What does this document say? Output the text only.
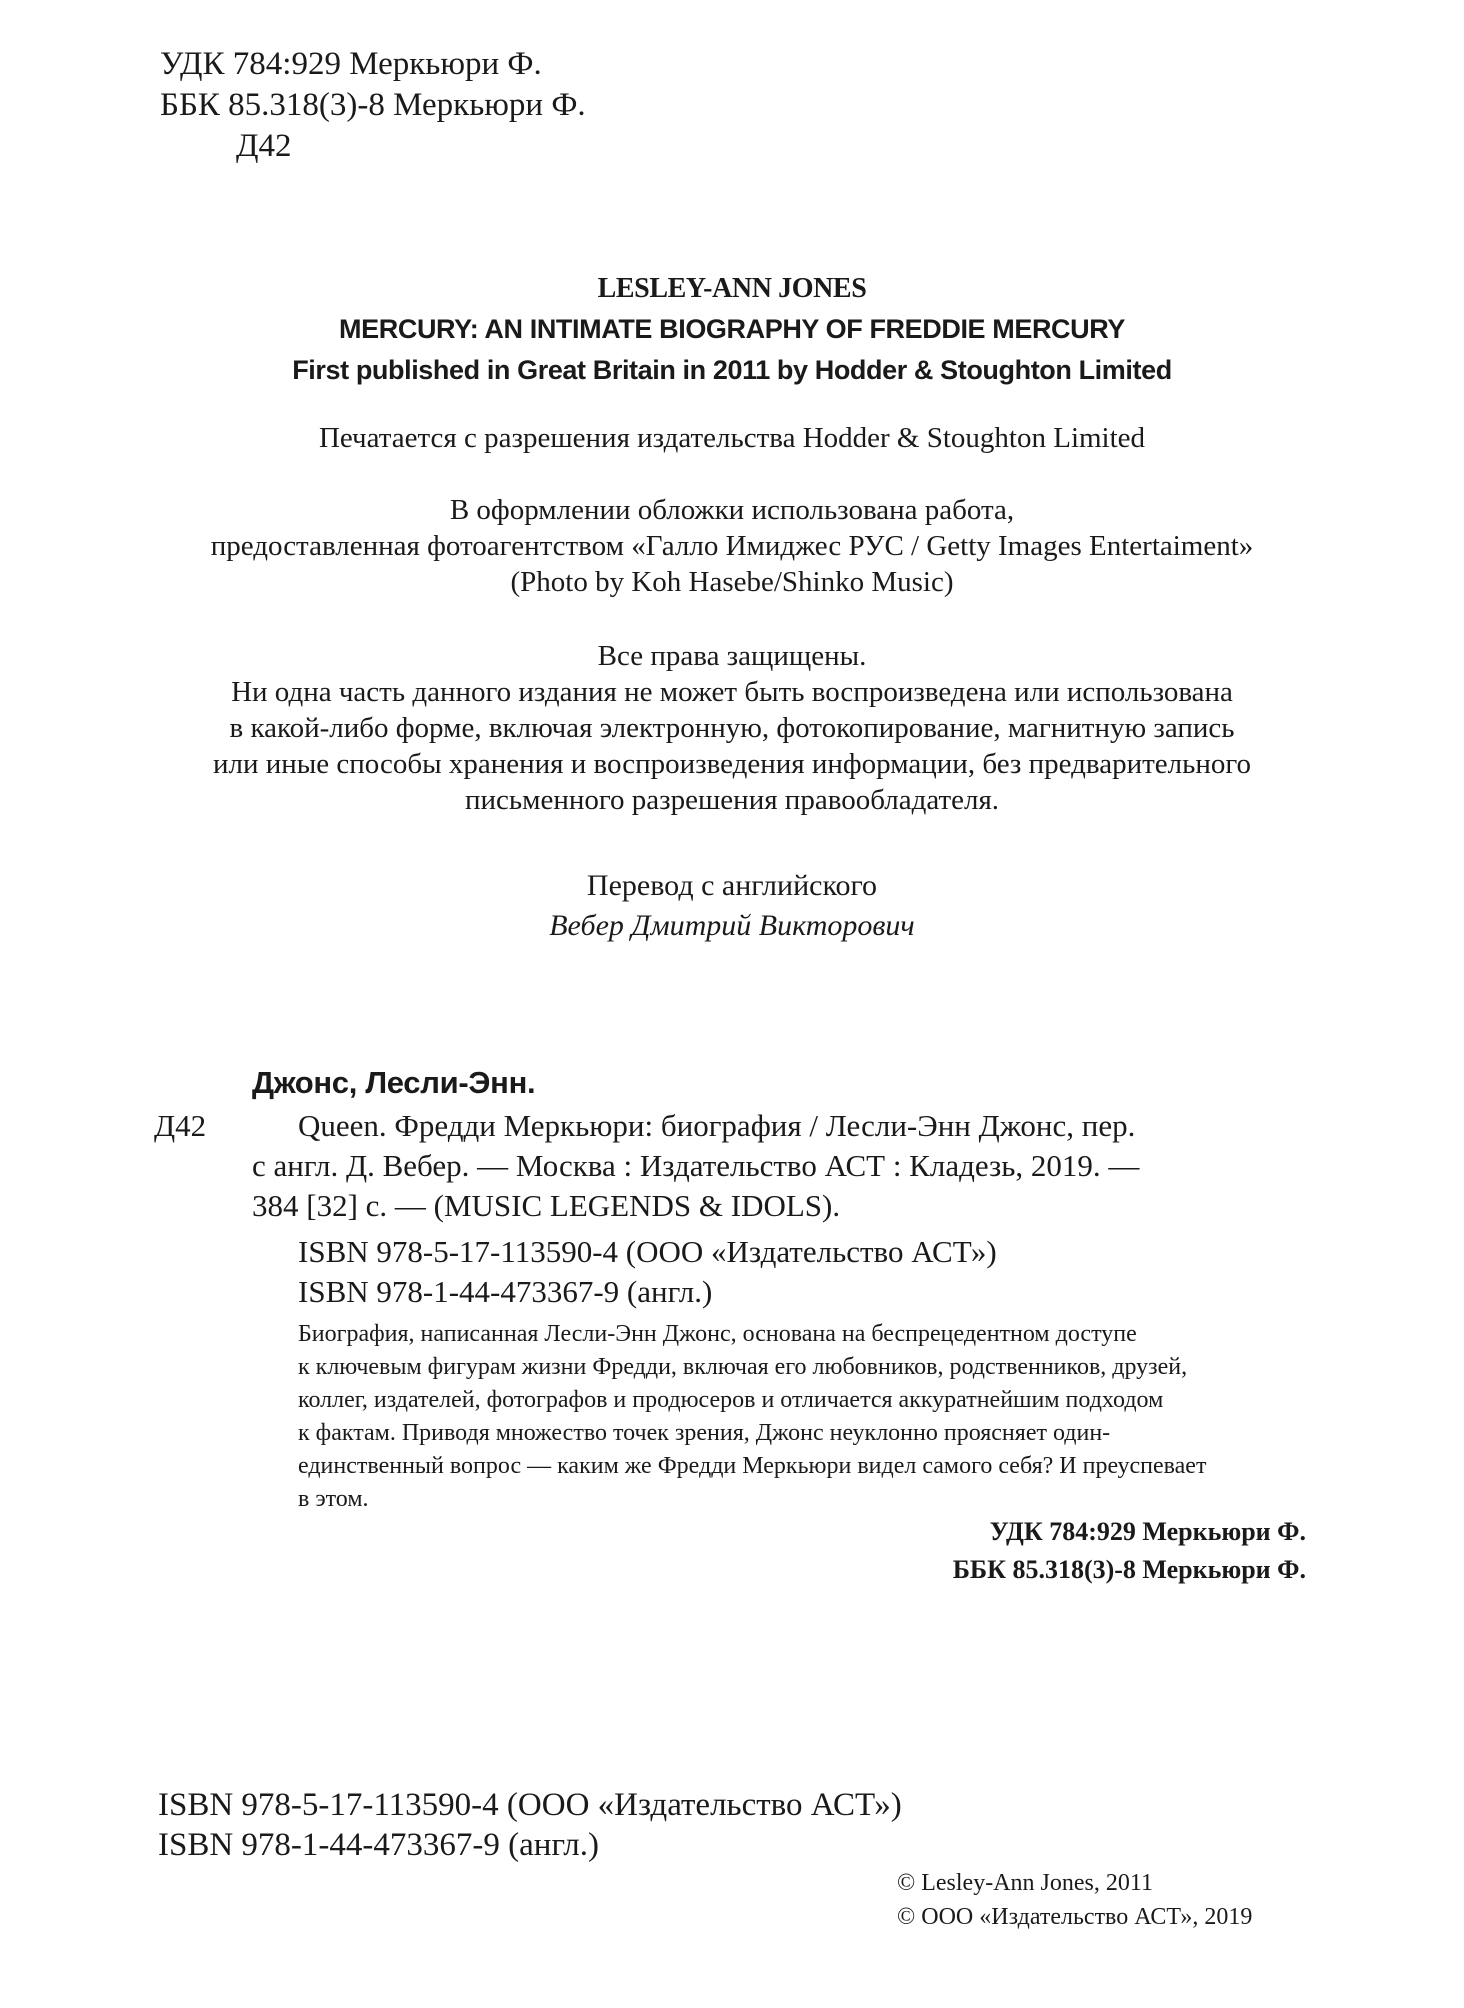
УДК 784:929 Меркьюри Ф.
ББК 85.318(3)-8 Меркьюри Ф.
Д42
LESLEY-ANN JONES
MERCURY: AN INTIMATE BIOGRAPHY OF FREDDIE MERCURY
First published in Great Britain in 2011 by Hodder & Stoughton Limited
Печатается с разрешения издательства Hodder & Stoughton Limited
В оформлении обложки использована работа,
предоставленная фотоагентством «Галло Имиджес РУС / Getty Images Entertaiment»
(Photo by Koh Hasebe/Shinko Music)
Все права защищены.
Ни одна часть данного издания не может быть воспроизведена или использована
в какой-либо форме, включая электронную, фотокопирование, магнитную запись
или иные способы хранения и воспроизведения информации, без предварительного
письменного разрешения правообладателя.
Перевод с английского
Вебер Дмитрий Викторович
Джонс, Лесли-Энн.
Д42	Queen. Фредди Меркьюри: биография / Лесли-Энн Джонс, пер.
с англ. Д. Вебер. — Москва : Издательство АСТ : Кладезь, 2019. —
384 [32] с. — (MUSIC LEGENDS & IDOLS).
ISBN 978-5-17-113590-4 (ООО «Издательство АСТ»)
ISBN 978-1-44-473367-9 (англ.)
Биография, написанная Лесли-Энн Джонс, основана на беспрецедентном доступе
к ключевым фигурам жизни Фредди, включая его любовников, родственников, друзей,
коллег, издателей, фотографов и продюсеров и отличается аккуратнейшим подходом
к фактам. Приводя множество точек зрения, Джонс неуклонно проясняет один-
единственный вопрос — каким же Фредди Меркьюри видел самого себя? И преуспевает
в этом.
УДК 784:929 Меркьюри Ф.
ББК 85.318(3)-8 Меркьюри Ф.
ISBN 978-5-17-113590-4 (ООО «Издательство АСТ»)
ISBN 978-1-44-473367-9 (англ.)
© Lesley-Ann Jones, 2011
© ООО «Издательство АСТ», 2019
